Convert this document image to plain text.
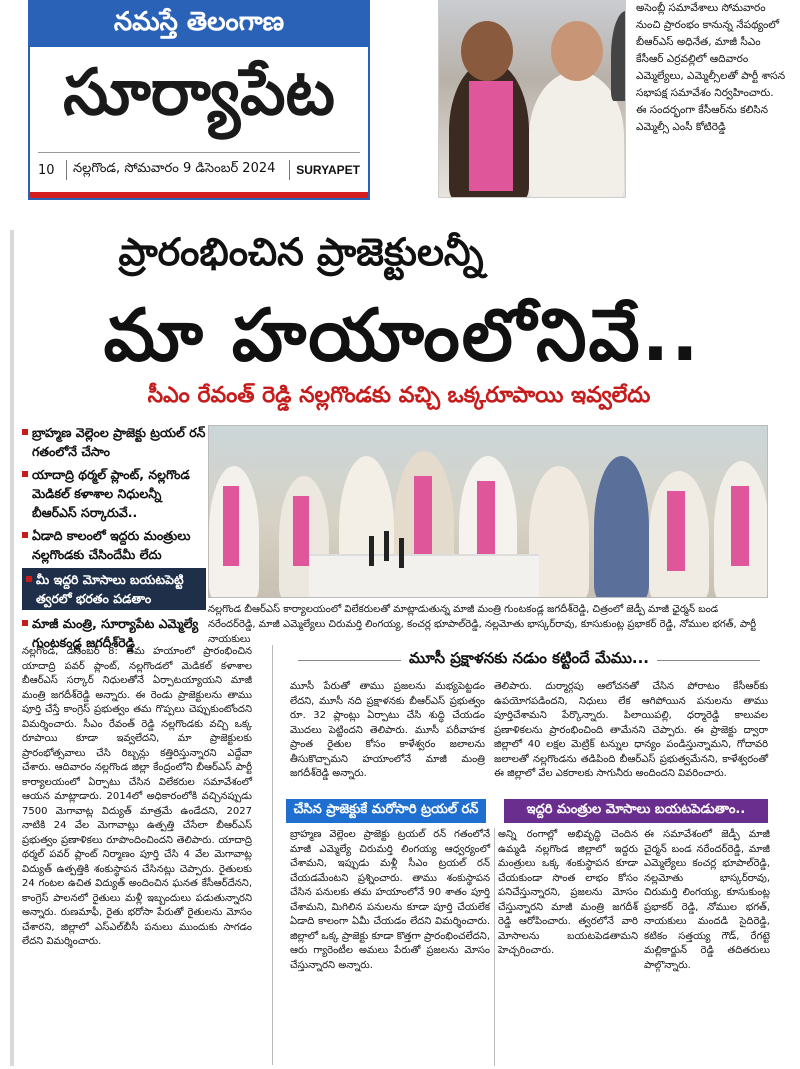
నమస్తే తెలంగాణ
సూర్యాపేట
10	నల్లగొండ, సోమవారం 9 డిసెంబర్ 2024	SURYAPET
అసెంబ్లీ సమావేశాలు సోమవారం నుంచి ప్రారంభం కానున్న నేపథ్యంలో బీఆర్ఎస్ అధినేత, మాజీ సీఎం కేసీఆర్ ఎర్రవల్లిలో ఆదివారం ఎమ్మెల్యేలు, ఎమ్మెల్సీలతో పార్టీ శాసన సభాపక్ష సమావేశం నిర్వహించారు. ఈ సందర్భంగా కేసీఆర్‌ను కలిసిన ఎమ్మెల్సీ ఎంసీ కోటిరెడ్డి
ప్రారంభించిన ప్రాజెక్టులన్నీ
మా హయాంలోనివే..
సీఎం రేవంత్ రెడ్డి నల్లగొండకు వచ్చి ఒక్కరూపాయి ఇవ్వలేదు
బ్రాహ్మణ వెల్లెంల ప్రాజెక్టు ట్రయల్ రన్ గతంలోనే చేసాం
యాదాద్రి థర్మల్ ప్లాంట్, నల్లగొండ మెడికల్ కళాశాల నిధులన్నీ బీఆర్ఎస్ సర్కారువే..
ఏడాది కాలంలో ఇద్దరు మంత్రులు నల్లగొండకు చేసిందేమీ లేదు
మీ ఇద్దరి మోసాలు బయటపెట్టి త్వరలో భరతం పడతాం
మాజీ మంత్రి, సూర్యాపేట ఎమ్మెల్యే గుంటకండ్ల జగదీశ్‌రెడ్డి
నల్లగొండ బీఆర్ఎస్ కార్యాలయంలో విలేకరులతో మాట్లాడుతున్న మాజీ మంత్రి గుంటకండ్ల జగదీశ్‌రెడ్డి, చిత్రంలో జెడ్పీ మాజీ ఛైర్మన్ బండ నరేందర్‌రెడ్డి, మాజీ ఎమ్మెల్యేలు చిరుమర్తి లింగయ్య, కంచర్ల భూపాల్‌రెడ్డి, నల్లమోతు భాస్కర్‌రావు, కూసుకుంట్ల ప్రభాకర్ రెడ్డి, నోముల భగత్, పార్టీ నాయకులు
నల్లగొండ, డిసెంబర్ 8: తమ హయాంలో ప్రారంభించిన యాదాద్రి పవర్ ప్లాంట్, నల్లగొండలో మెడికల్ కళాశాల బీఆర్ఎస్ సర్కార్ నిధులతోనే ఏర్పాటయ్యాయని మాజీ మంత్రి జగదీశ్‌రెడ్డి అన్నారు. ఈ రెండు ప్రాజెక్టులను తాము పూర్తి చేస్తే కాంగ్రెస్ ప్రభుత్వం తమ గొప్పలు చెప్పుకుంటోందని విమర్శించారు. సీఎం రేవంత్ రెడ్డి నల్లగొండకు వచ్చి ఒక్క రూపాయి కూడా ఇవ్వలేదని, మా ప్రాజెక్టులకు ప్రారంభోత్సవాలు చేసి రిబ్బన్లు కత్తిరిస్తున్నారని ఎద్దేవా చేశారు. ఆదివారం నల్లగొండ జిల్లా కేంద్రంలోని బీఆర్ఎస్ పార్టీ కార్యాలయంలో ఏర్పాటు చేసిన విలేకరుల సమావేశంలో ఆయన మాట్లాడారు. 2014లో అధికారంలోకి వచ్చినప్పుడు 7500 మెగావాట్ల విద్యుత్ మాత్రమే ఉండేదని, 2027 నాటికి 24 వేల మెగావాట్లు ఉత్పత్తి చేసేలా బీఆర్ఎస్ ప్రభుత్వం ప్రణాళికలు రూపొందించిందని తెలిపారు. యాదాద్రి థర్మల్ పవర్ ప్లాంట్ నిర్మాణం పూర్తి చేసి 4 వేల మెగావాట్ల విద్యుత్ ఉత్పత్తికి శంకుస్థాపన చేసినట్లు చెప్పారు. రైతులకు 24 గంటల ఉచిత విద్యుత్ అందించిన ఘనత కేసీఆర్‌దేనని, కాంగ్రెస్ పాలనలో రైతులు మళ్లీ ఇబ్బందులు పడుతున్నారని అన్నారు. రుణమాఫీ, రైతు భరోసా పేరుతో రైతులను మోసం చేశారని, జిల్లాలో ఎస్ఎల్‌బీసీ పనులు ముందుకు సాగడం లేదని విమర్శించారు.
మూసీ ప్రక్షాళనకు నడుం కట్టిందే మేము...
మూసీ పేరుతో తాము ప్రజలను మభ్యపెట్టడం లేదని, మూసీ నది ప్రక్షాళనకు బీఆర్ఎస్ ప్రభుత్వం రూ. 32 ప్లాంట్లు ఏర్పాటు చేసి శుద్ధి చేయడం మొదలు పెట్టిందని తెలిపారు. మూసీ పరీవాహక ప్రాంత రైతుల కోసం కాళేశ్వరం జలాలను తీసుకొచ్చామని హయాంలోనే మాజీ మంత్రి జగదీశ్‌రెడ్డి అన్నారు.
తెలిపారు. దుర్మార్గపు ఆలోచనతో చేసిన పోరాటం కేసీఆర్‌కు ఉపయోగపడిందని, నిధులు లేక ఆగిపోయిన పనులను తాము పూర్తిచేశామని పేర్కొన్నారు. పిలాయిపల్లి, ధర్మారెడ్డి కాలువల ప్రణాళికలను ప్రారంభించింది తామేనని చెప్పారు. ఈ ప్రాజెక్టు ద్వారా జిల్లాలో 40 లక్షల మెట్రిక్ టన్నుల ధాన్యం పండిస్తున్నామని, గోదావరి జలాలతో నల్లగొండను తడిపింది బీఆర్ఎస్ ప్రభుత్వమేనని, కాళేశ్వరంతో ఈ జిల్లాలో వేల ఎకరాలకు సాగునీరు అందిందని వివరించారు.
చేసిన ప్రాజెక్టుకే మరోసారి ట్రయల్ రన్	ఇద్దరి మంత్రుల మోసాలు బయటపెడుతాం..
బ్రాహ్మణ వెల్లెంల ప్రాజెక్టు ట్రయల్ రన్ గతంలోనే మాజీ ఎమ్మెల్యే చిరుమర్తి లింగయ్య ఆధ్వర్యంలో చేశామని, ఇప్పుడు మళ్లీ సీఎం ట్రయల్ రన్ చేయడమేంటని ప్రశ్నించారు. తాము శంకుస్థాపన చేసిన పనులకు తమ హయాంలోనే 90 శాతం పూర్తి చేశామని, మిగిలిన పనులను కూడా పూర్తి చేయలేక ఏడాది కాలంగా ఏమీ చేయడం లేదని విమర్శించారు. జిల్లాలో ఒక్క ప్రాజెక్టు కూడా కొత్తగా ప్రారంభించలేదని, ఆరు గ్యారెంటీల అమలు పేరుతో ప్రజలను మోసం చేస్తున్నారని అన్నారు.
అన్ని రంగాల్లో అభివృద్ధి చెందిన ఉమ్మడి నల్లగొండ జిల్లాలో ఇద్దరు మంత్రులు ఒక్క శంకుస్థాపన కూడా చేయకుండా సొంత లాభం కోసం పనిచేస్తున్నారని, ప్రజలను మోసం చేస్తున్నారని మాజీ మంత్రి జగదీశ్ రెడ్డి ఆరోపించారు. త్వరలోనే వారి మోసాలను బయటపెడతామని హెచ్చరించారు.
ఈ సమావేశంలో జెడ్పీ మాజీ చైర్మన్ బండ నరేందర్‌రెడ్డి, మాజీ ఎమ్మెల్యేలు కంచర్ల భూపాల్‌రెడ్డి, నల్లమోతు భాస్కర్‌రావు, చిరుమర్తి లింగయ్య, కూసుకుంట్ల ప్రభాకర్ రెడ్డి, నోముల భగత్, నాయకులు మందడి సైదిరెడ్డి, కటికం సత్తయ్య గౌడ్, రేగట్టె మల్లికార్జున్ రెడ్డి తదితరులు పాల్గొన్నారు.
